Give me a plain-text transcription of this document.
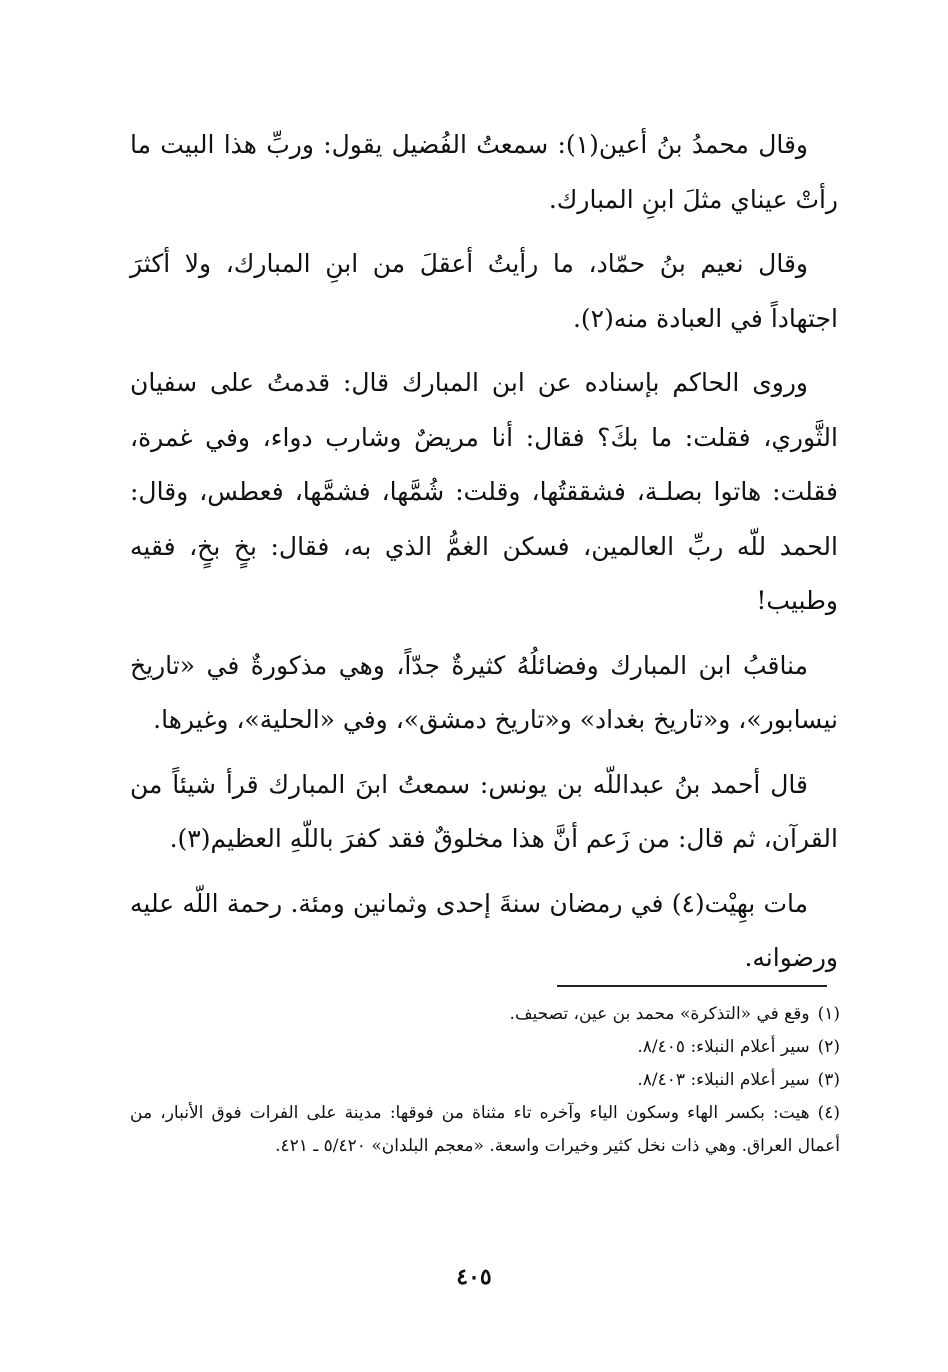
وقال محمدُ بنُ أعين(١): سمعتُ الفُضيل يقول: وربِّ هذا البيت ما رأتْ عيناي مثلَ ابنِ المبارك.

وقال نعيم بنُ حمّاد، ما رأيتُ أعقلَ من ابنِ المبارك، ولا أكثرَ اجتهاداً في العبادة منه(٢).

وروى الحاكم بإسناده عن ابن المبارك قال: قدمتُ على سفيان الثَّوري، فقلت: ما بكَ؟ فقال: أنا مريضٌ وشارب دواء، وفي غمرة، فقلت: هاتوا بصلـة، فشققتُها، وقلت: شُمَّها، فشمَّها، فعطس، وقال: الحمد للّه ربِّ العالمين، فسكن الغمُّ الذي به، فقال: بخٍ بخٍ، فقيه وطبيب!

مناقبُ ابن المبارك وفضائلُهُ كثيرةٌ جدّاً، وهي مذكورةٌ في «تاريخ نيسابور»، و«تاريخ بغداد» و«تاريخ دمشق»، وفي «الحلية»، وغيرها.

قال أحمد بنُ عبداللّه بن يونس: سمعتُ ابنَ المبارك قرأ شيئاً من القرآن، ثم قال: من زَعم أنَّ هذا مخلوقٌ فقد كفرَ باللّهِ العظيم(٣).

مات بهِيْت(٤) في رمضان سنةَ إحدى وثمانين ومئة. رحمة اللّه عليه ورضوانه.

(١)وقع في «التذكرة» محمد بن عين، تصحيف.

(٢)سير أعلام النبلاء: ٨/٤٠٥.

(٣)سير أعلام النبلاء: ٨/٤٠٣.

(٤)هيت: بكسر الهاء وسكون الياء وآخره تاء مثناة من فوقها: مدينة على الفرات فوق الأنبار، من أعمال العراق. وهي ذات نخل كثير وخيرات واسعة. «معجم البلدان» ٥/٤٢٠ ـ ٤٢١.

٤٠٥
